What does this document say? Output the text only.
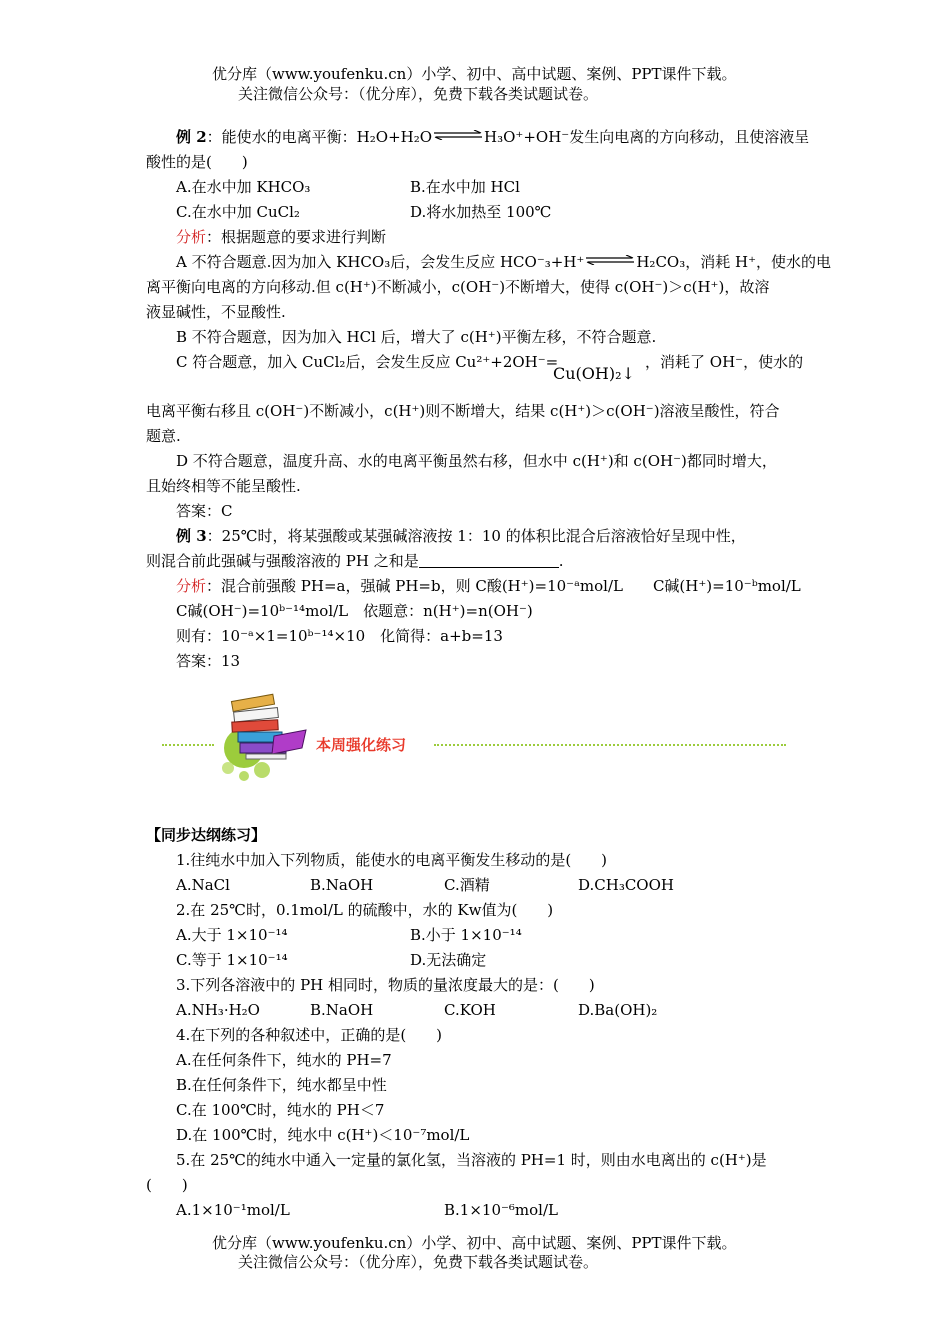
优分库（www.youfenku.cn）小学、初中、高中试题、案例、PPT课件下载。
关注微信公众号：（优分库），免费下载各类试题试卷。
例 2：能使水的电离平衡：H₂O+H₂O⇌H₃O⁺+OH⁻发生向电离的方向移动，且使溶液呈
酸性的是(　　)
A.在水中加 KHCO₃	B.在水中加 HCl
C.在水中加 CuCl₂	D.将水加热至 100℃
分析：根据题意的要求进行判断
A 不符合题意.因为加入 KHCO₃后，会发生反应 HCO⁻₃+H⁺⇌H₂CO₃，消耗 H⁺，使水的电
离平衡向电离的方向移动.但 c(H⁺)不断减小，c(OH⁻)不断增大，使得 c(OH⁻)＞c(H⁺)，故溶
液显碱性，不显酸性.
B 不符合题意，因为加入 HCl 后，增大了 c(H⁺)平衡左移，不符合题意.
C 符合题意，加入 CuCl₂后，会发生反应 Cu²⁺+2OH⁻=
Cu(OH)₂↓
，消耗了 OH⁻，使水的
电离平衡右移且 c(OH⁻)不断减小，c(H⁺)则不断增大，结果 c(H⁺)＞c(OH⁻)溶液呈酸性，符合
题意.
D 不符合题意，温度升高、水的电离平衡虽然右移，但水中 c(H⁺)和 c(OH⁻)都同时增大，
且始终相等不能呈酸性.
答案：C
例 3：25℃时，将某强酸或某强碱溶液按 1：10 的体积比混合后溶液恰好呈现中性，
则混合前此强碱与强酸溶液的 PH 之和是	.
分析：混合前强酸 PH=a，强碱 PH=b，则 C酸(H⁺)=10⁻ᵃmol/L　　C碱(H⁺)=10⁻ᵇmol/L
C碱(OH⁻)=10ᵇ⁻¹⁴mol/L　依题意：n(H⁺)=n(OH⁻)
则有：10⁻ᵃ×1=10ᵇ⁻¹⁴×10　化简得：a+b=13
答案：13
本周强化练习
【同步达纲练习】
1.往纯水中加入下列物质，能使水的电离平衡发生移动的是(　　)
A.NaCl	B.NaOH	C.酒精	D.CH₃COOH
2.在 25℃时，0.1mol/L 的硫酸中，水的 Kw值为(　　)
A.大于 1×10⁻¹⁴	B.小于 1×10⁻¹⁴
C.等于 1×10⁻¹⁴	D.无法确定
3.下列各溶液中的 PH 相同时，物质的量浓度最大的是：(　　)
A.NH₃·H₂O	B.NaOH	C.KOH	D.Ba(OH)₂
4.在下列的各种叙述中，正确的是(　　)
A.在任何条件下，纯水的 PH=7
B.在任何条件下，纯水都呈中性
C.在 100℃时，纯水的 PH＜7
D.在 100℃时，纯水中 c(H⁺)＜10⁻⁷mol/L
5.在 25℃的纯水中通入一定量的氯化氢，当溶液的 PH=1 时，则由水电离出的 c(H⁺)是
(　　)
A.1×10⁻¹mol/L	B.1×10⁻⁶mol/L
优分库（www.youfenku.cn）小学、初中、高中试题、案例、PPT课件下载。
关注微信公众号：（优分库），免费下载各类试题试卷。
